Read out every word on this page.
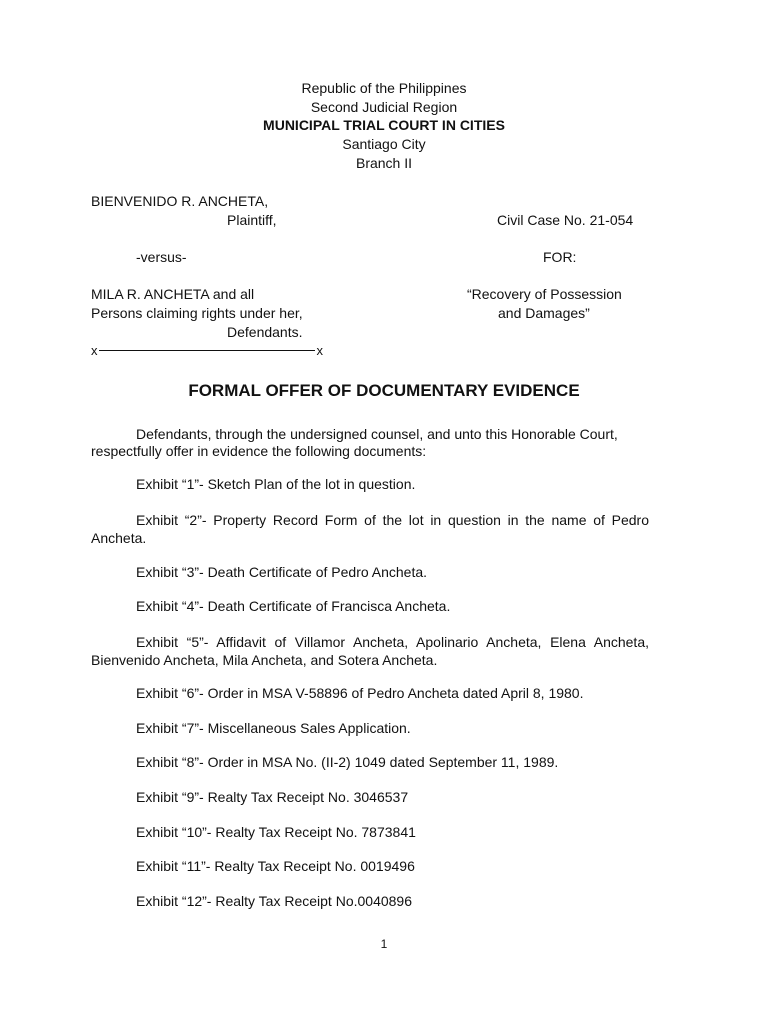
Republic of the Philippines
Second Judicial Region
MUNICIPAL TRIAL COURT IN CITIES
Santiago City
Branch II
BIENVENIDO R. ANCHETA,
Plaintiff,	Civil Case No. 21-054
-versus-	FOR:
MILA R. ANCHETA and all
Persons claiming rights under her,
Defendants.
“Recovery of Possession
and Damages”
x	x
FORMAL OFFER OF DOCUMENTARY EVIDENCE
Defendants, through the undersigned counsel, and unto this Honorable Court,
respectfully offer in evidence the following documents:
Exhibit “1”- Sketch Plan of the lot in question.
Exhibit “2”- Property Record Form of the lot in question in the name of Pedro
Ancheta.
Exhibit “3”- Death Certificate of Pedro Ancheta.
Exhibit “4”- Death Certificate of Francisca Ancheta.
Exhibit “5”- Affidavit of Villamor Ancheta, Apolinario Ancheta, Elena Ancheta,
Bienvenido Ancheta, Mila Ancheta, and Sotera Ancheta.
Exhibit “6”- Order in MSA V-58896 of Pedro Ancheta dated April 8, 1980.
Exhibit “7”- Miscellaneous Sales Application.
Exhibit “8”- Order in MSA No. (II-2) 1049 dated September 11, 1989.
Exhibit “9”- Realty Tax Receipt No. 3046537
Exhibit “10”- Realty Tax Receipt No. 7873841
Exhibit “11”- Realty Tax Receipt No. 0019496
Exhibit “12”- Realty Tax Receipt No.0040896
1
